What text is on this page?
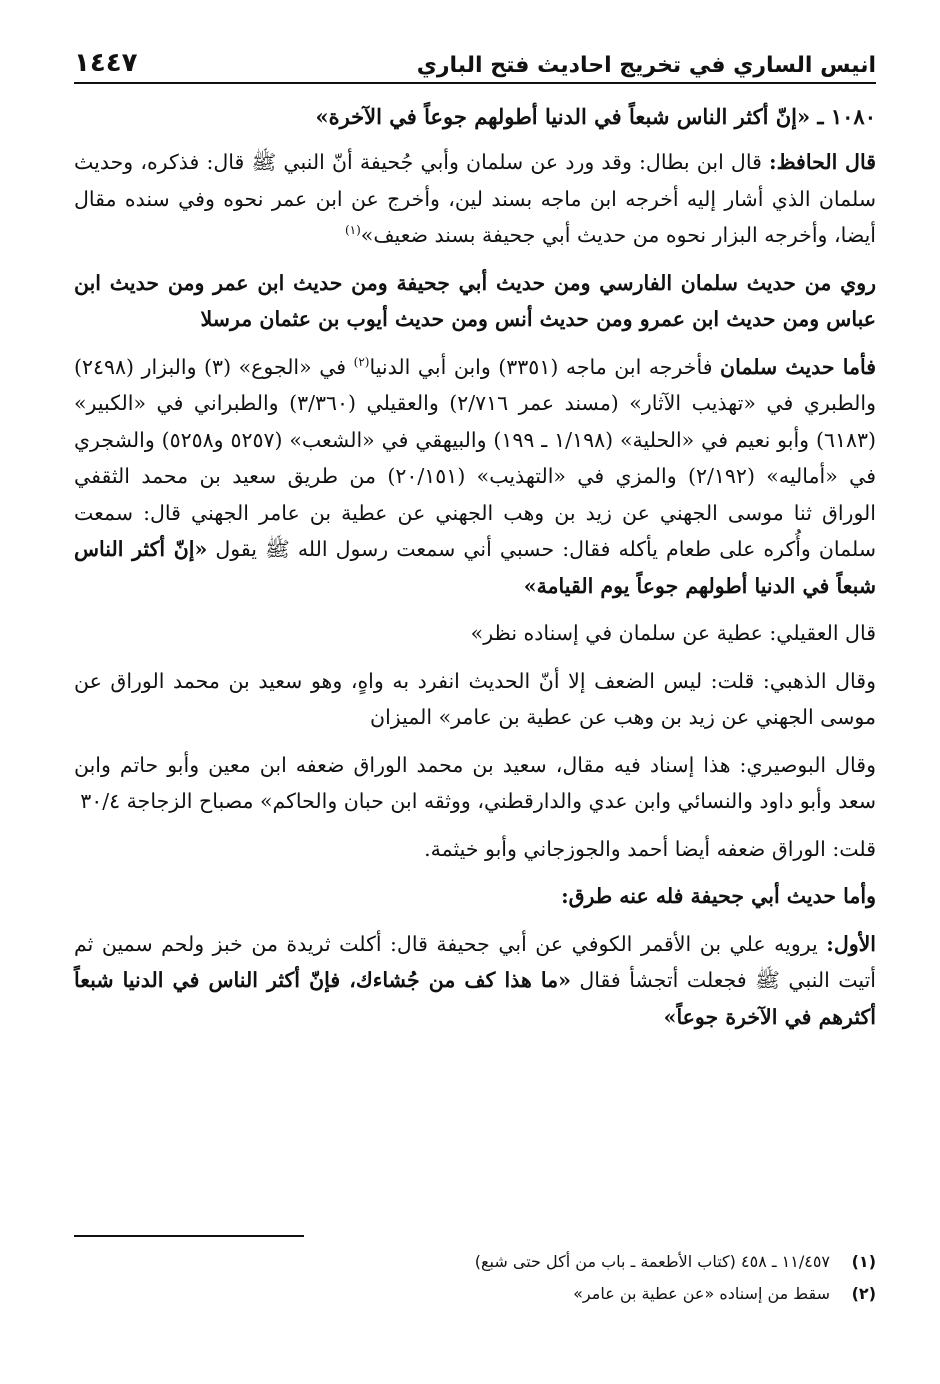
انيس الساري في تخريج احاديث فتح الباري
١٤٤٧

١٠٨٠ ـ «إنّ أكثر الناس شبعاً في الدنيا أطولهم جوعاً في الآخرة»

قال الحافظ: قال ابن بطال: وقد ورد عن سلمان وأبي جُحيفة أنّ النبي ﷺ قال: فذكره، وحديث سلمان الذي أشار إليه أخرجه ابن ماجه بسند لين، وأخرج عن ابن عمر نحوه وفي سنده مقال أيضا، وأخرجه البزار نحوه من حديث أبي جحيفة بسند ضعيف»$^{(١)}$

روي من حديث سلمان الفارسي ومن حديث أبي جحيفة ومن حديث ابن عمر ومن حديث ابن عباس ومن حديث ابن عمرو ومن حديث أنس ومن حديث أيوب بن عثمان مرسلا

فأما حديث سلمان فأخرجه ابن ماجه (٣٣٥١) وابن أبي الدنيا$^{(٢)}$ في «الجوع» (٣) والبزار (٢٤٩٨) والطبري في «تهذيب الآثار» (مسند عمر ٢/٧١٦) والعقيلي (٣/٣٦٠) والطبراني في «الكبير» (٦١٨٣) وأبو نعيم في «الحلية» (١/١٩٨ ـ ١٩٩) والبيهقي في «الشعب» (٥٢٥٧ و٥٢٥٨) والشجري في «أماليه» (٢/١٩٢) والمزي في «التهذيب» (٢٠/١٥١) من طريق سعيد بن محمد الثقفي الوراق ثنا موسى الجهني عن زيد بن وهب الجهني عن عطية بن عامر الجهني قال: سمعت سلمان وأُكره على طعام يأكله فقال: حسبي أني سمعت رسول الله ﷺ يقول «إنّ أكثر الناس شبعاً في الدنيا أطولهم جوعاً يوم القيامة»

قال العقيلي: عطية عن سلمان في إسناده نظر»

وقال الذهبي: قلت: ليس الضعف إلا أنّ الحديث انفرد به واهٍ، وهو سعيد بن محمد الوراق عن موسى الجهني عن زيد بن وهب عن عطية بن عامر» الميزان

وقال البوصيري: هذا إسناد فيه مقال، سعيد بن محمد الوراق ضعفه ابن معين وأبو حاتم وابن سعد وأبو داود والنسائي وابن عدي والدارقطني، ووثقه ابن حبان والحاكم» مصباح الزجاجة ٣٠/٤

قلت: الوراق ضعفه أيضا أحمد والجوزجاني وأبو خيثمة.

وأما حديث أبي جحيفة فله عنه طرق:

الأول: يرويه علي بن الأقمر الكوفي عن أبي جحيفة قال: أكلت ثريدة من خبز ولحم سمين ثم أتيت النبي ﷺ فجعلت أتجشأ فقال «ما هذا كف من جُشاءك، فإنّ أكثر الناس في الدنيا شبعاً أكثرهم في الآخرة جوعاً»

(١)
١١/٤٥٧ ـ ٤٥٨ (كتاب الأطعمة ـ باب من أكل حتى شبع)
(٢)
سقط من إسناده «عن عطية بن عامر»
